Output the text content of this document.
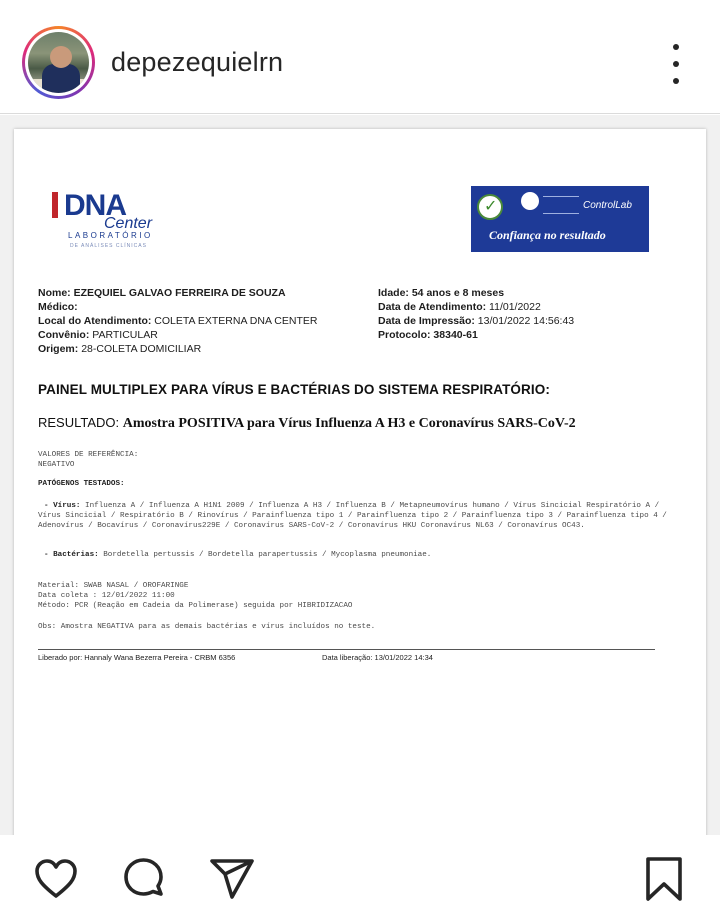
depezequielrn
DNA
Center
LABORATÓRIO
DE ANÁLISES CLÍNICAS
✓
ControlLab
Confiança no resultado
Nome: EZEQUIEL GALVAO FERREIRA DE SOUZA
Médico:
Local do Atendimento: COLETA EXTERNA DNA CENTER
Convênio: PARTICULAR
Origem: 28-COLETA DOMICILIAR
Idade: 54 anos e 8 meses
Data de Atendimento: 11/01/2022
Data de Impressão: 13/01/2022 14:56:43
Protocolo: 38340-61
PAINEL MULTIPLEX PARA VÍRUS E BACTÉRIAS DO SISTEMA RESPIRATÓRIO:
RESULTADO: Amostra POSITIVA para Vírus Influenza A H3 e Coronavírus SARS-CoV-2
VALORES DE REFERÊNCIA:
NEGATIVO
PATÓGENOS TESTADOS:
- Vírus: Influenza A / Influenza A H1N1 2009 / Influenza A H3 / Influenza B / Metapneumovírus humano / Vírus Sincicial Respiratório A / Vírus Sincicial / Respiratório B / Rinovírus / Parainfluenza tipo 1 / Parainfluenza tipo 2 / Parainfluenza tipo 3 / Parainfluenza tipo 4 / Adenovírus / Bocavírus / Coronavírus229E / Coronavírus SARS-CoV-2 / Coronavírus HKU Coronavírus NL63 / Coronavírus OC43.
- Bactérias: Bordetella pertussis / Bordetella parapertussis / Mycoplasma pneumoniae.
Material: SWAB NASAL / OROFARINGE
Data coleta : 12/01/2022 11:00
Método: PCR (Reação em Cadeia da Polimerase) seguida por HIBRIDIZACAO
Obs: Amostra NEGATIVA para as demais bactérias e vírus incluídos no teste.
Liberado por: Hannaly Wana Bezerra Pereira - CRBM 6356	Data liberação: 13/01/2022 14:34
